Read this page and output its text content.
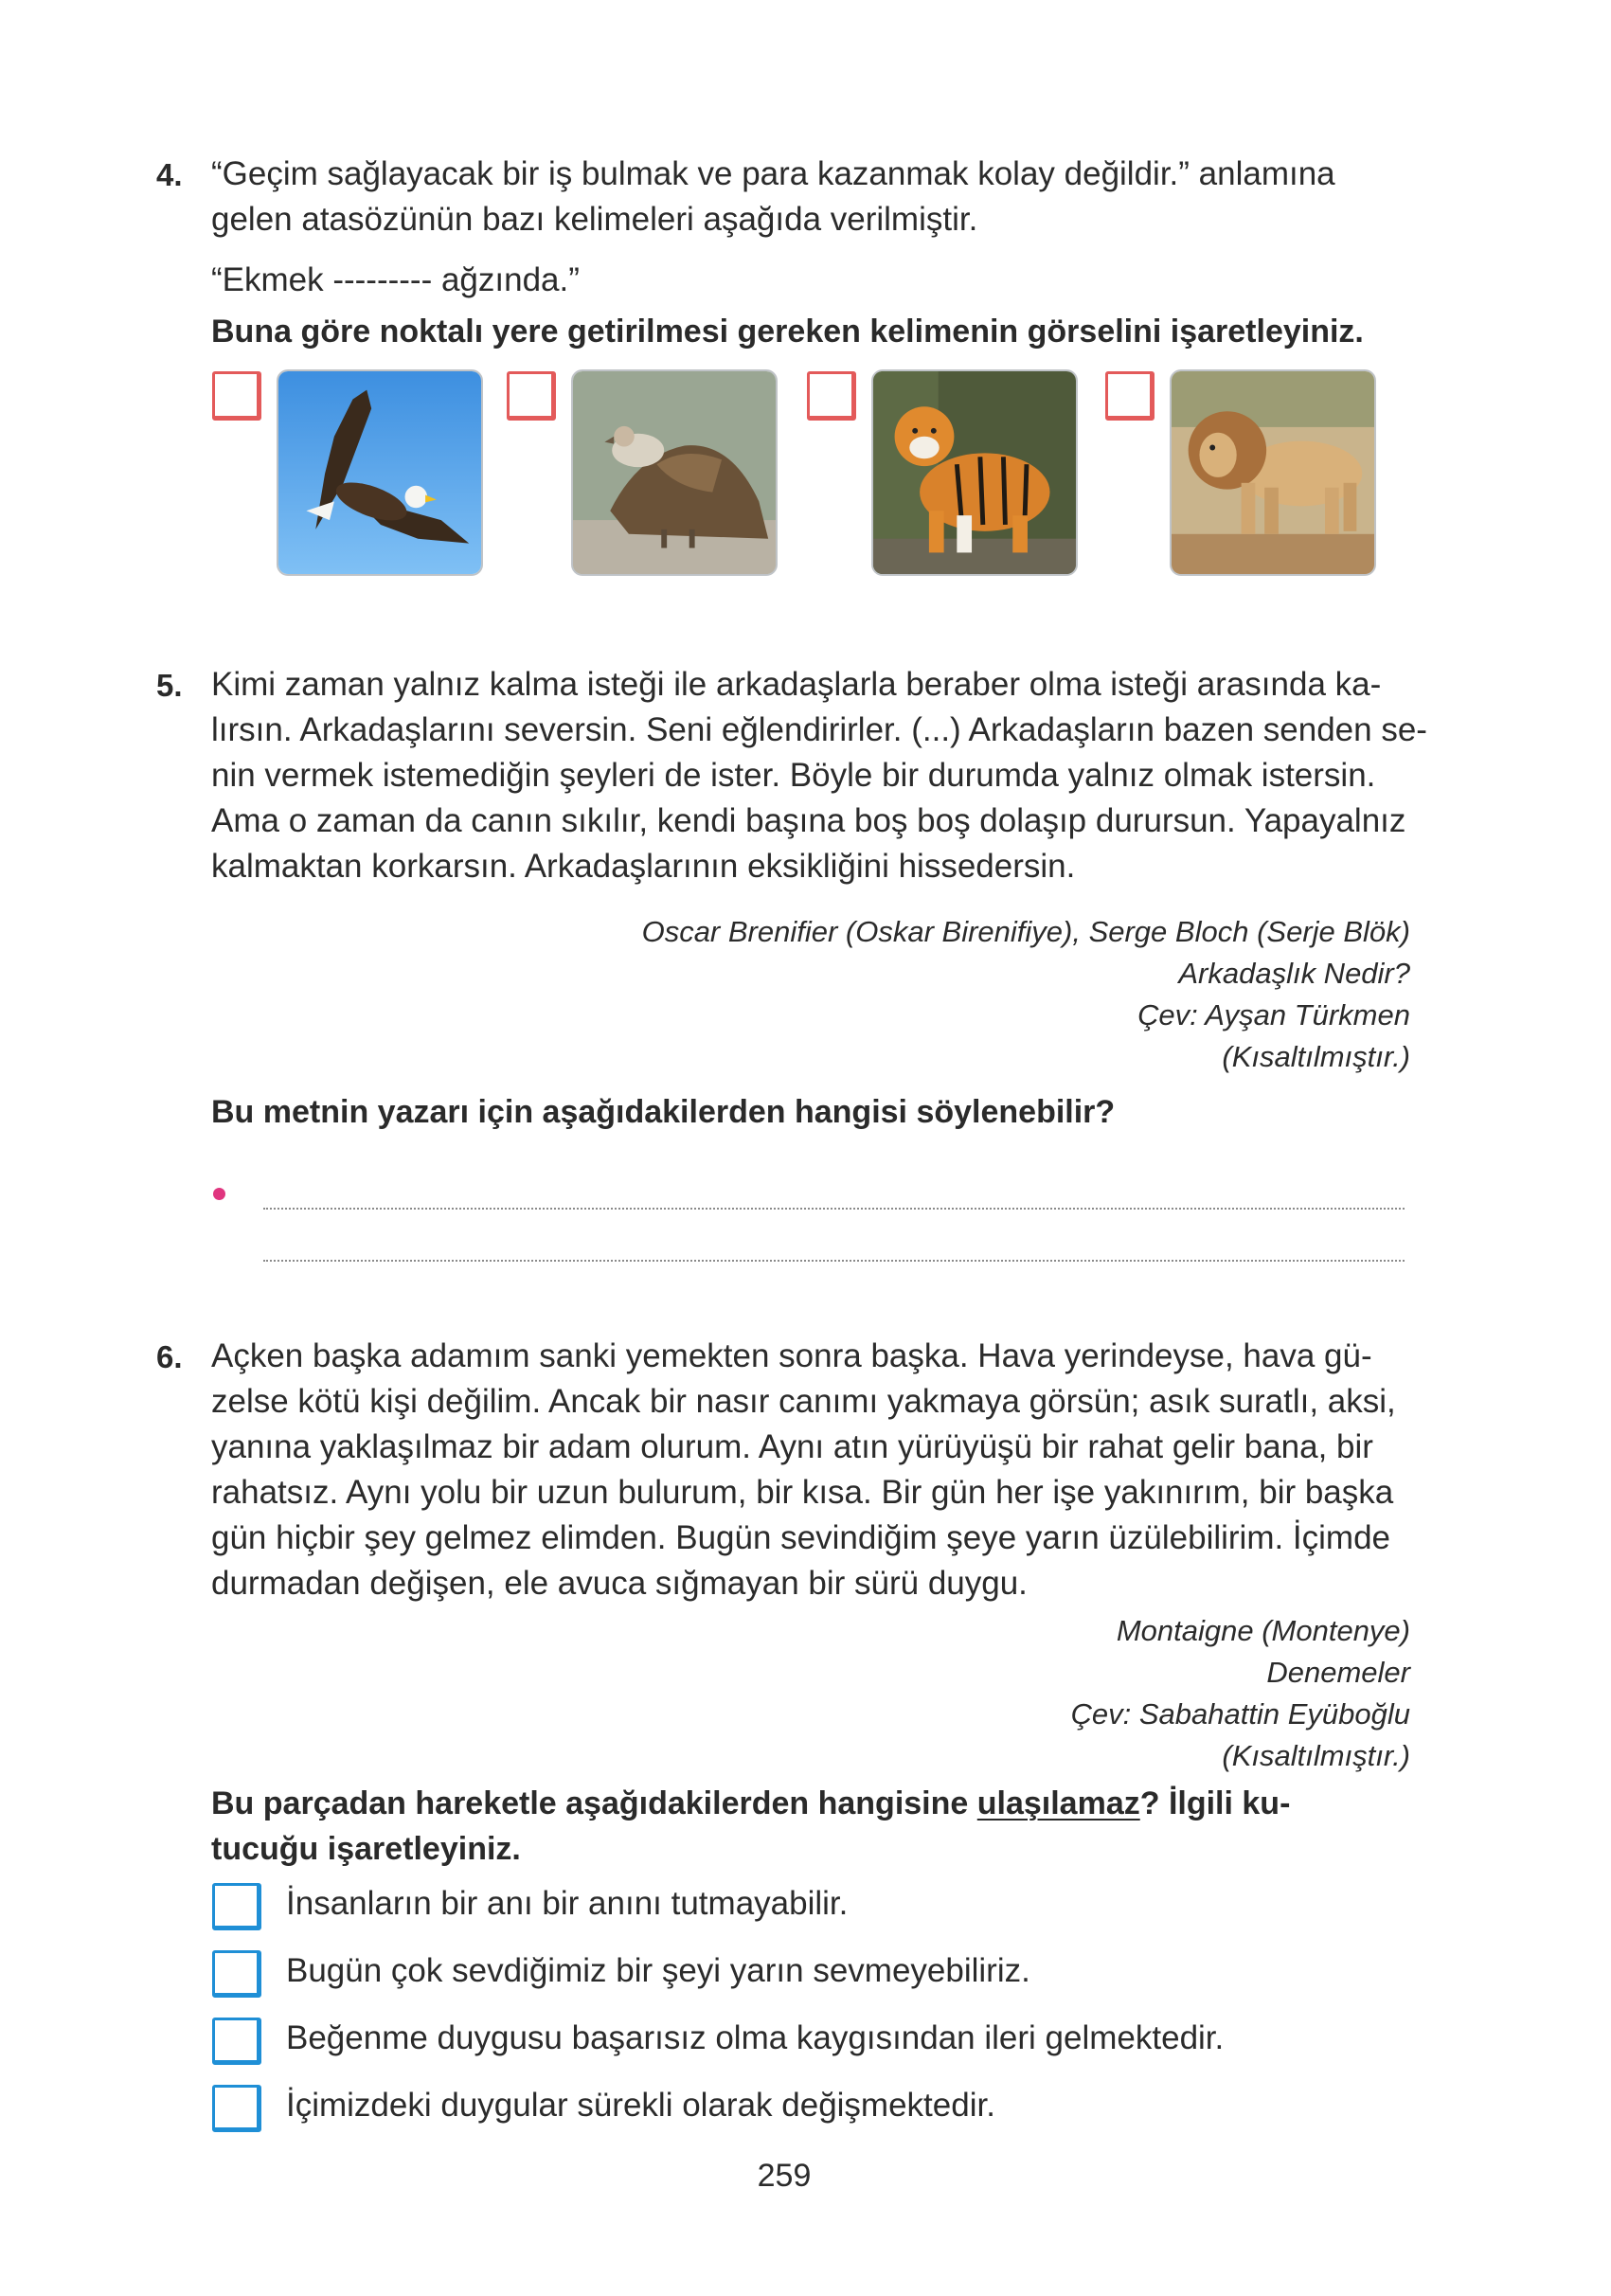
4. “Geçim sağlayacak bir iş bulmak ve para kazanmak kolay değildir.” anlamına
gelen atasözünün bazı kelimeleri aşağıda verilmiştir.
“Ekmek --------- ağzında.”
Buna göre noktalı yere getirilmesi gereken kelimenin görselini işaretleyiniz.
5. Kimi zaman yalnız kalma isteği ile arkadaşlarla beraber olma isteği arasında ka-
lırsın. Arkadaşlarını seversin. Seni eğlendirirler. (...) Arkadaşların bazen senden se-
nin vermek istemediğin şeyleri de ister. Böyle bir durumda yalnız olmak istersin.
Ama o zaman da canın sıkılır, kendi başına boş boş dolaşıp durursun. Yapayalnız
kalmaktan korkarsın. Arkadaşlarının eksikliğini hissedersin.
Oscar Brenifier (Oskar Birenifiye), Serge Bloch (Serje Blök)
Arkadaşlık Nedir?
Çev: Ayşan Türkmen
(Kısaltılmıştır.)
Bu metnin yazarı için aşağıdakilerden hangisi söylenebilir?
6. Açken başka adamım sanki yemekten sonra başka. Hava yerindeyse, hava gü-
zelse kötü kişi değilim. Ancak bir nasır canımı yakmaya görsün; asık suratlı, aksi,
yanına yaklaşılmaz bir adam olurum. Aynı atın yürüyüşü bir rahat gelir bana, bir
rahatsız. Aynı yolu bir uzun bulurum, bir kısa. Bir gün her işe yakınırım, bir başka
gün hiçbir şey gelmez elimden. Bugün sevindiğim şeye yarın üzülebilirim. İçimde
durmadan değişen, ele avuca sığmayan bir sürü duygu.
Montaigne (Montenye)
Denemeler
Çev: Sabahattin Eyüboğlu
(Kısaltılmıştır.)
Bu parçadan hareketle aşağıdakilerden hangisine ulaşılamaz? İlgili ku-
tucuğu işaretleyiniz.
İnsanların bir anı bir anını tutmayabilir.
Bugün çok sevdiğimiz bir şeyi yarın sevmeyebiliriz.
Beğenme duygusu başarısız olma kaygısından ileri gelmektedir.
İçimizdeki duygular sürekli olarak değişmektedir.
259
